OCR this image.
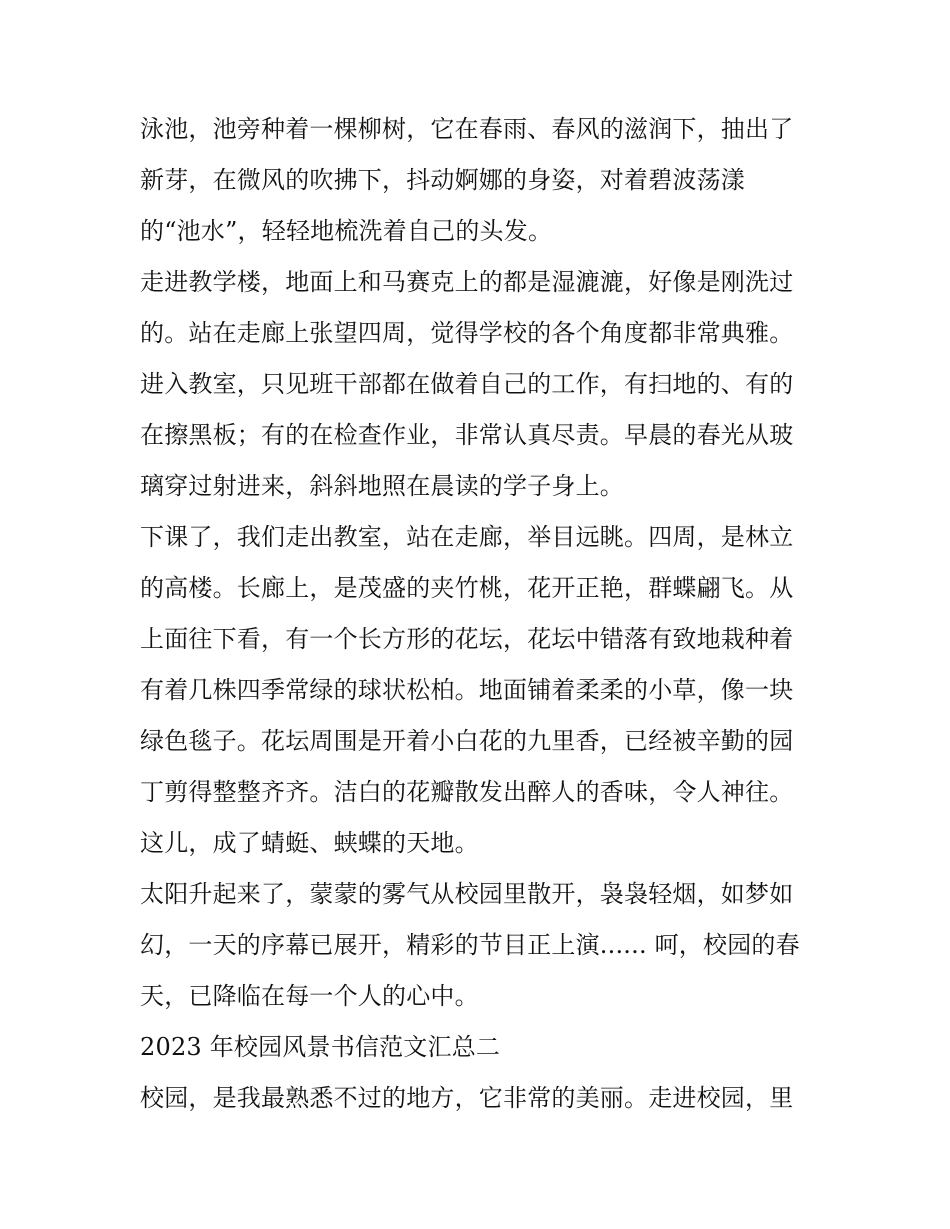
泳池，池旁种着一棵柳树，它在春雨、春风的滋润下，抽出了
新芽，在微风的吹拂下，抖动婀娜的身姿，对着碧波荡漾
的“池水”，轻轻地梳洗着自己的头发。
走进教学楼，地面上和马赛克上的都是湿漉漉，好像是刚洗过
的。站在走廊上张望四周，觉得学校的各个角度都非常典雅。
进入教室，只见班干部都在做着自己的工作，有扫地的、有的
在擦黑板；有的在检查作业，非常认真尽责。早晨的春光从玻
璃穿过射进来，斜斜地照在晨读的学子身上。
下课了，我们走出教室，站在走廊，举目远眺。四周，是林立
的高楼。长廊上，是茂盛的夹竹桃，花开正艳，群蝶翩飞。从
上面往下看，有一个长方形的花坛，花坛中错落有致地栽种着
有着几株四季常绿的球状松柏。地面铺着柔柔的小草，像一块
绿色毯子。花坛周围是开着小白花的九里香，已经被辛勤的园
丁剪得整整齐齐。洁白的花瓣散发出醉人的香味，令人神往。
这儿，成了蜻蜓、蛱蝶的天地。
太阳升起来了，蒙蒙的雾气从校园里散开，袅袅轻烟，如梦如
幻，一天的序幕已展开，精彩的节目正上演...... 呵，校园的春
天，已降临在每一个人的心中。
2023 年校园风景书信范文汇总二
校园，是我最熟悉不过的地方，它非常的美丽。走进校园，里
